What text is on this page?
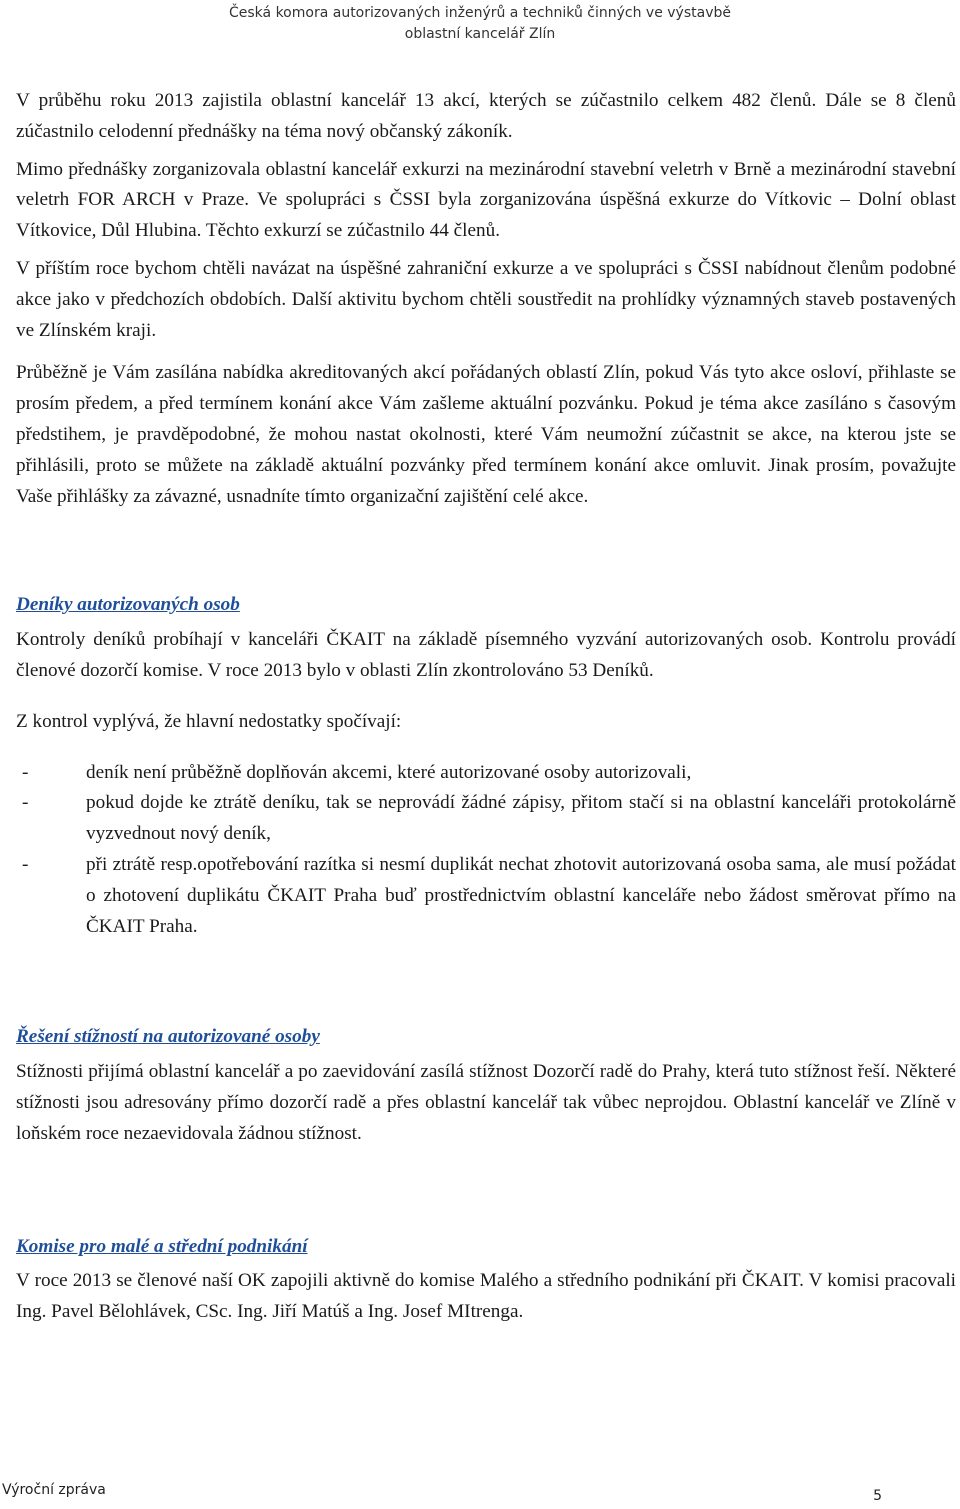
Česká komora autorizovaných inženýrů a techniků činných ve výstavbě
oblastní kancelář Zlín

V průběhu roku 2013 zajistila oblastní kancelář 13 akcí, kterých se zúčastnilo celkem 482 členů. Dále se 8 členů zúčastnilo celodenní přednášky na téma nový občanský zákoník.

Mimo přednášky zorganizovala oblastní kancelář exkurzi na mezinárodní stavební veletrh v Brně a mezinárodní stavební veletrh FOR ARCH v Praze. Ve spolupráci s ČSSI byla zorganizována úspěšná exkurze do Vítkovic – Dolní oblast Vítkovice, Důl Hlubina. Těchto exkurzí se zúčastnilo 44 členů.

V příštím roce bychom chtěli navázat na úspěšné zahraniční exkurze a ve spolupráci s ČSSI nabídnout členům podobné akce jako v předchozích obdobích. Další aktivitu bychom chtěli soustředit na prohlídky významných staveb postavených ve Zlínském kraji.

Průběžně je Vám zasílána nabídka akreditovaných akcí pořádaných oblastí Zlín, pokud Vás tyto akce osloví, přihlaste se prosím předem, a před termínem konání akce Vám zašleme aktuální pozvánku. Pokud je téma akce zasíláno s časovým předstihem, je pravděpodobné, že mohou nastat okolnosti, které Vám neumožní zúčastnit se akce, na kterou jste se přihlásili, proto se můžete na základě aktuální pozvánky před termínem konání akce omluvit. Jinak prosím, považujte Vaše přihlášky za závazné, usnadníte tímto organizační zajištění celé akce.

Deníky autorizovaných osob

Kontroly deníků probíhají v kanceláři ČKAIT na základě písemného vyzvání autorizovaných osob. Kontrolu provádí členové dozorčí komise. V roce 2013 bylo v oblasti Zlín zkontrolováno 53 Deníků.

Z kontrol vyplývá, že hlavní nedostatky spočívají:

-	deník není průběžně doplňován akcemi, které autorizované osoby autorizovali,
-	pokud dojde ke ztrátě deníku, tak se neprovádí žádné zápisy, přitom stačí si na oblastní kanceláři protokolárně vyzvednout nový deník,
-	při ztrátě resp.opotřebování razítka si nesmí duplikát nechat zhotovit autorizovaná osoba sama, ale musí požádat o zhotovení duplikátu ČKAIT Praha buď prostřednictvím oblastní kanceláře nebo žádost směrovat přímo na ČKAIT Praha.

Řešení stížností na autorizované osoby

Stížnosti přijímá oblastní kancelář a po zaevidování zasílá stížnost Dozorčí radě do Prahy, která tuto stížnost řeší. Některé stížnosti jsou adresovány přímo dozorčí radě a přes oblastní kancelář tak vůbec neprojdou. Oblastní kancelář ve Zlíně v loňském roce nezaevidovala žádnou stížnost.

Komise pro malé a střední podnikání

V roce 2013 se členové naší OK zapojili aktivně do komise Malého a středního podnikání při ČKAIT. V komisi pracovali Ing. Pavel Bělohlávek, CSc. Ing. Jiří Matúš a Ing. Josef MItrenga.

Výroční zpráva	5
